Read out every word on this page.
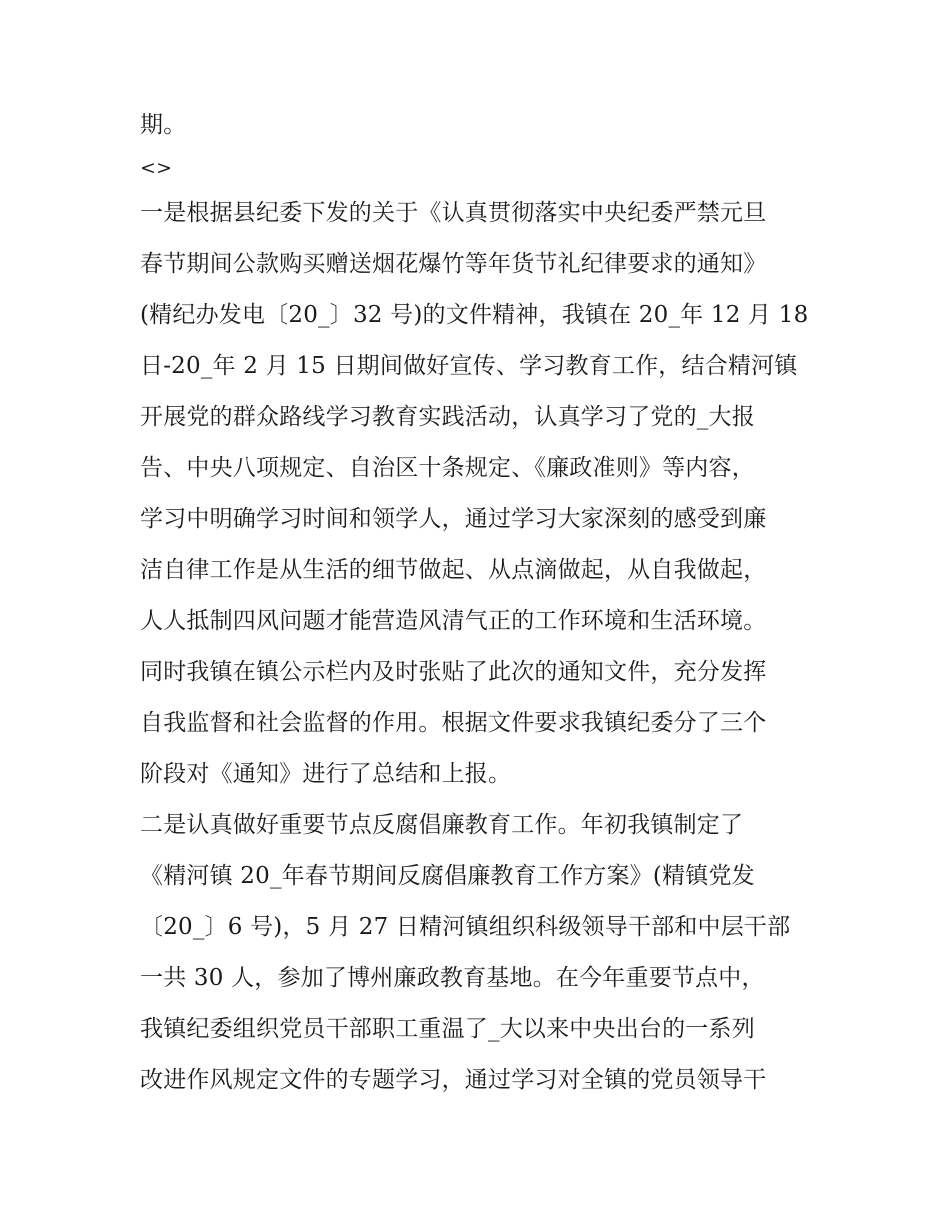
期。
<>
一是根据县纪委下发的关于《认真贯彻落实中央纪委严禁元旦
春节期间公款购买赠送烟花爆竹等年货节礼纪律要求的通知》
(精纪办发电〔20_〕32 号)的文件精神，我镇在 20_年 12 月 18
日-20_年 2 月 15 日期间做好宣传、学习教育工作，结合精河镇
开展党的群众路线学习教育实践活动，认真学习了党的_大报
告、中央八项规定、自治区十条规定、《廉政准则》等内容，
学习中明确学习时间和领学人，通过学习大家深刻的感受到廉
洁自律工作是从生活的细节做起、从点滴做起，从自我做起，
人人抵制四风问题才能营造风清气正的工作环境和生活环境。
同时我镇在镇公示栏内及时张贴了此次的通知文件，充分发挥
自我监督和社会监督的作用。根据文件要求我镇纪委分了三个
阶段对《通知》进行了总结和上报。
二是认真做好重要节点反腐倡廉教育工作。年初我镇制定了
《精河镇 20_年春节期间反腐倡廉教育工作方案》(精镇党发
〔20_〕6 号)，5 月 27 日精河镇组织科级领导干部和中层干部
一共 30 人，参加了博州廉政教育基地。在今年重要节点中，
我镇纪委组织党员干部职工重温了_大以来中央出台的一系列
改进作风规定文件的专题学习，通过学习对全镇的党员领导干
